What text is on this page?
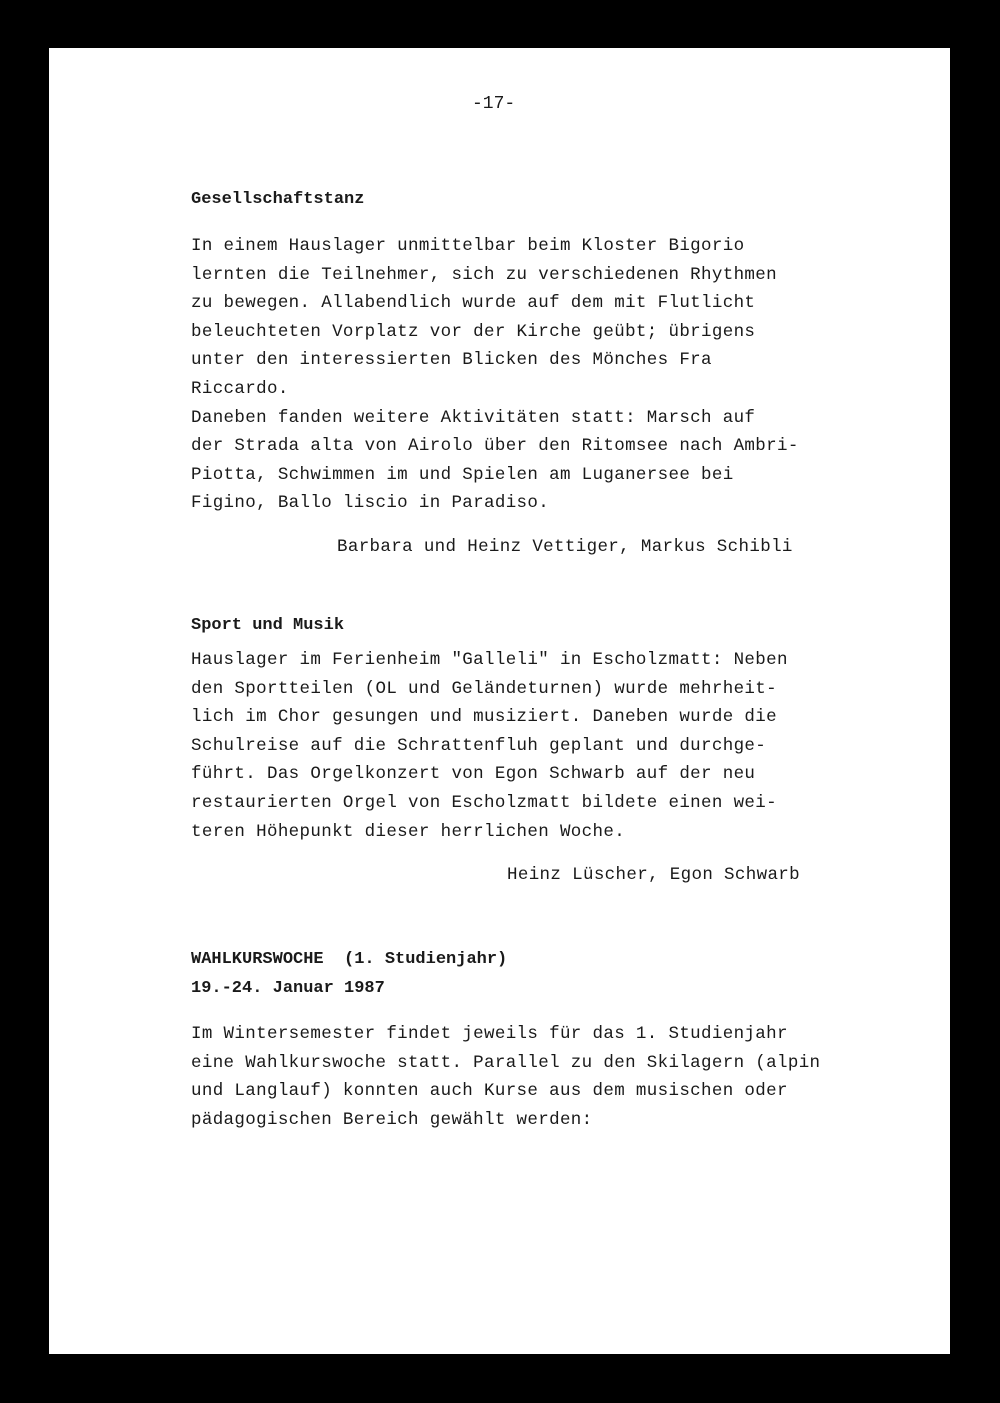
-17-
Gesellschaftstanz
In einem Hauslager unmittelbar beim Kloster Bigorio
lernten die Teilnehmer, sich zu verschiedenen Rhythmen
zu bewegen. Allabendlich wurde auf dem mit Flutlicht
beleuchteten Vorplatz vor der Kirche geübt; übrigens
unter den interessierten Blicken des Mönches Fra
Riccardo.
Daneben fanden weitere Aktivitäten statt: Marsch auf
der Strada alta von Airolo über den Ritomsee nach Ambri-
Piotta, Schwimmen im und Spielen am Luganersee bei
Figino, Ballo liscio in Paradiso.
Barbara und Heinz Vettiger, Markus Schibli
Sport und Musik
Hauslager im Ferienheim "Galleli" in Escholzmatt: Neben
den Sportteilen (OL und Geländeturnen) wurde mehrheit-
lich im Chor gesungen und musiziert. Daneben wurde die
Schulreise auf die Schrattenfluh geplant und durchge-
führt. Das Orgelkonzert von Egon Schwarb auf der neu
restaurierten Orgel von Escholzmatt bildete einen wei-
teren Höhepunkt dieser herrlichen Woche.
Heinz Lüscher, Egon Schwarb
WAHLKURSWOCHE  (1. Studienjahr)
19.-24. Januar 1987
Im Wintersemester findet jeweils für das 1. Studienjahr
eine Wahlkurswoche statt. Parallel zu den Skilagern (alpin
und Langlauf) konnten auch Kurse aus dem musischen oder
pädagogischen Bereich gewählt werden:
